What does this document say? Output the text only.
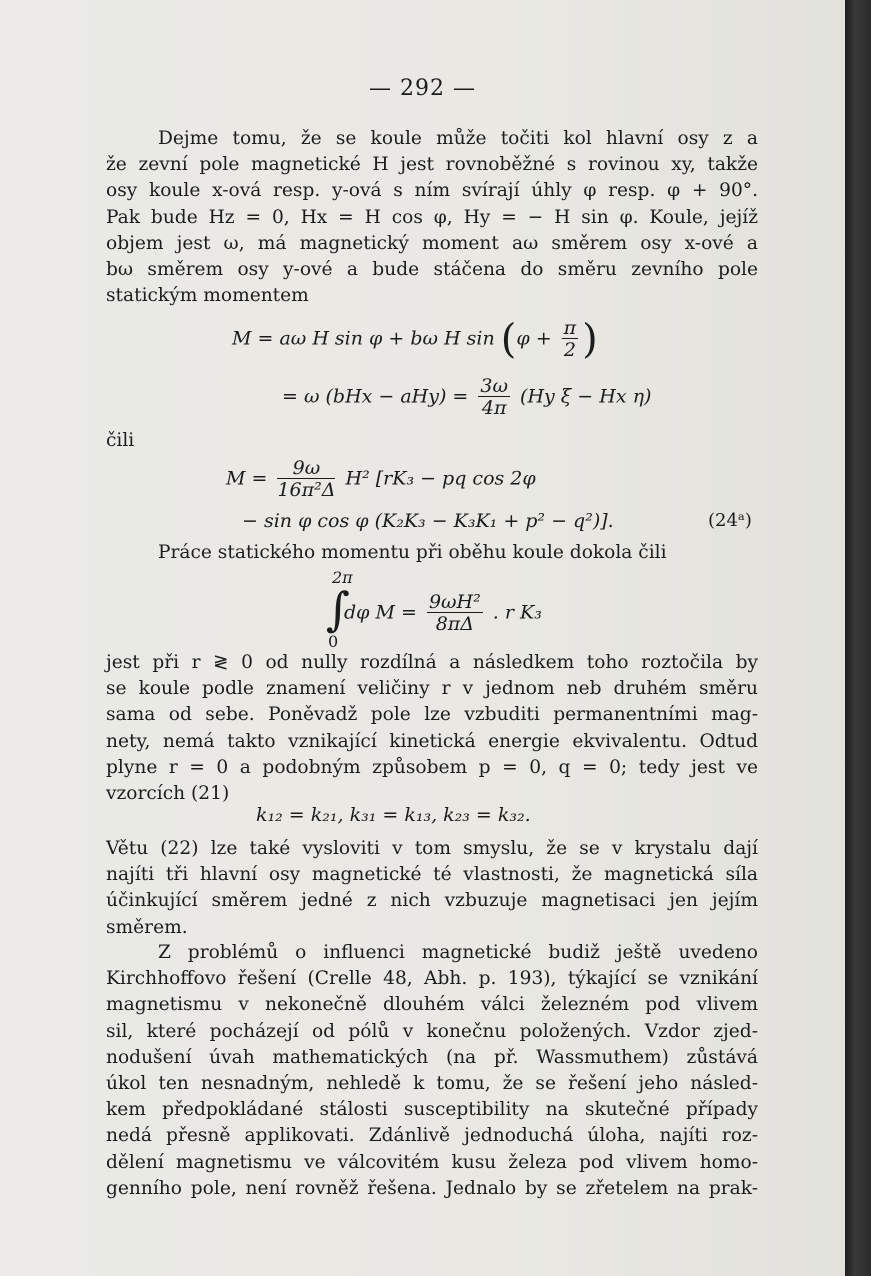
— 292 —
Dejme tomu, že se koule může točiti kol hlavní osy z a
že zevní pole magnetické H jest rovnoběžné s rovinou xy, takže
osy koule x-ová resp. y-ová s ním svírají úhly φ resp. φ + 90°.
Pak bude Hz = 0, Hx = H cos φ, Hy = − H sin φ. Koule, jejíž
objem jest ω, má magnetický moment aω směrem osy x-ové a
bω směrem osy y-ové a bude stáčena do směru zevního pole
statickým momentem
M = aω H sin φ + bω H $\sin (\varphi + \frac{\pi}{2}$ )
= ω $(bHx - aHy) = \frac{3\omega}{4\pi} (Hy$ ξ − Hx η)
čili
$M = \frac{9\omega}{\text{16π²Δ}} H^2$ [rK₃ − pq cos 2φ
− sin φ cos φ (K₂K₃ − K₃K₁ + p² − q²)].	(24ᵃ)
Práce statického momentu při oběhu koule dokola čili
2π
∫
0
dφ $M = \frac{\text{9ωH²}}{8\pi\Delta}$ . r K₃
jest při r ≷ 0 od nully rozdílná a následkem toho roztočila by
se koule podle znamení veličiny r v jednom neb druhém směru
sama od sebe. Poněvadž pole lze vzbuditi permanentními mag-
nety, nemá takto vznikající kinetická energie ekvivalentu. Odtud
plyne r = 0 a podobným způsobem p = 0, q = 0; tedy jest ve
vzorcích (21)
k₁₂ = k₂₁, k₃₁ = k₁₃, k₂₃ = k₃₂.
Větu (22) lze také vysloviti v tom smyslu, že se v krystalu dají
najíti tři hlavní osy magnetické té vlastnosti, že magnetická síla
účinkující směrem jedné z nich vzbuzuje magnetisaci jen jejím
směrem.
Z problémů o influenci magnetické budiž ještě uvedeno
Kirchhoffovo řešení (Crelle 48, Abh. p. 193), týkající se vznikání
magnetismu v nekonečně dlouhém válci železném pod vlivem
sil, které pocházejí od pólů v konečnu položených. Vzdor zjed-
nodušení úvah mathematických (na př. Wassmuthem) zůstává
úkol ten nesnadným, nehledě k tomu, že se řešení jeho násled-
kem předpokládané stálosti susceptibility na skutečné případy
nedá přesně applikovati. Zdánlivě jednoduchá úloha, najíti roz-
dělení magnetismu ve válcovitém kusu železa pod vlivem homo-
genního pole, není rovněž řešena. Jednalo by se zřetelem na prak-
